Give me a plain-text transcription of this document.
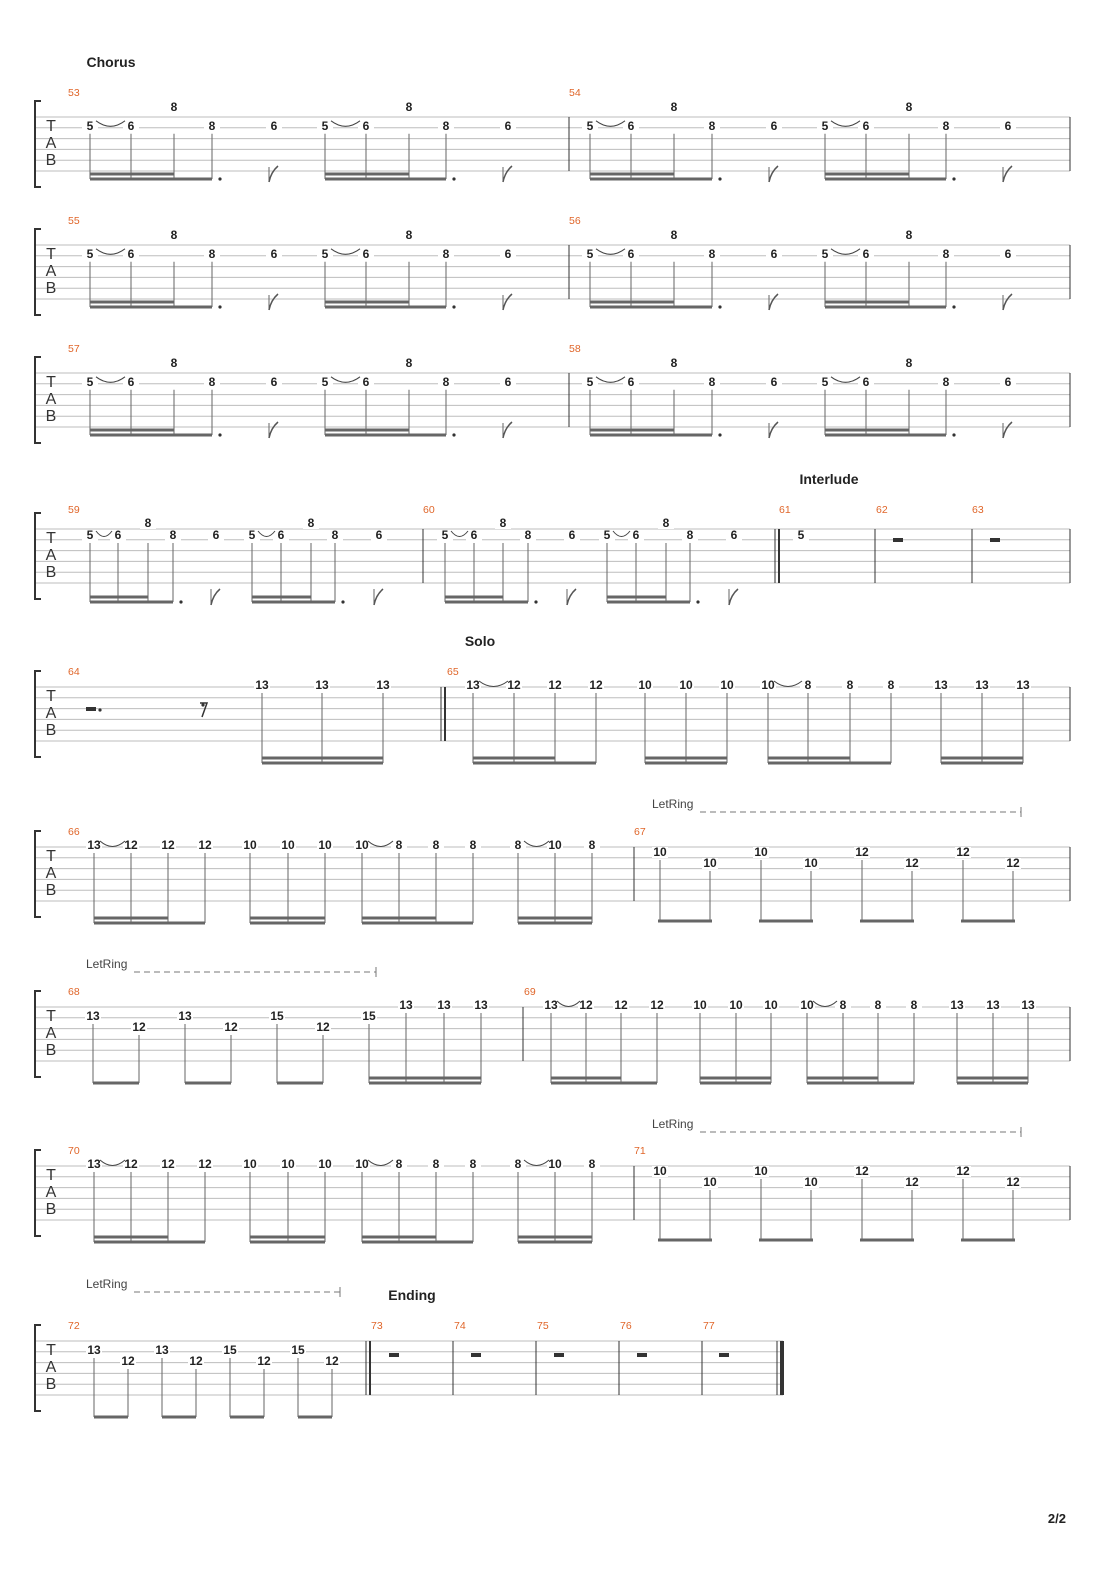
T
A
B
53	54
5	6
8
8	6	5	6
8
8	6	5	6
8
8	6	5	6
8
8	6
T
A
B
55	56
5	6
8
8	6	5	6
8
8	6	5	6
8
8	6	5	6
8
8	6
T
A
B
57	58
5	6
8
8	6	5	6
8
8	6	5	6
8
8	6	5	6
8
8	6
Chorus
T
A
B
59	60	61	62	63
5 6
8
8	6 5 6
8
8	6	5 6
8
8	6 5 6
8
8	6	5
Interlude
T
A
B
64	65
13	13	13	13 12 12 12	10 10 10 10 8	8	8	13 13 13
Solo
T
A
B
66	67
13 12 12 12	10 10 10 10 8	8	8	8 10 8	10
10
10
10
12
12
12
12
LetRing
T
A
B
68	69
13
12
13
12
15
12
15
13 13 13	13 12 12 12 10 10 10 10 8 8 8	13 13 13
LetRing
T
A
B
70	71
13 12 12 12	10 10 10 10 8	8	8	8 10 8	10
10
10
10
12
12
12
12
LetRing
T
A
B
72	73	74	75	76	77
13
12
13
12
15
12
15
12
LetRing
Ending
2/2
